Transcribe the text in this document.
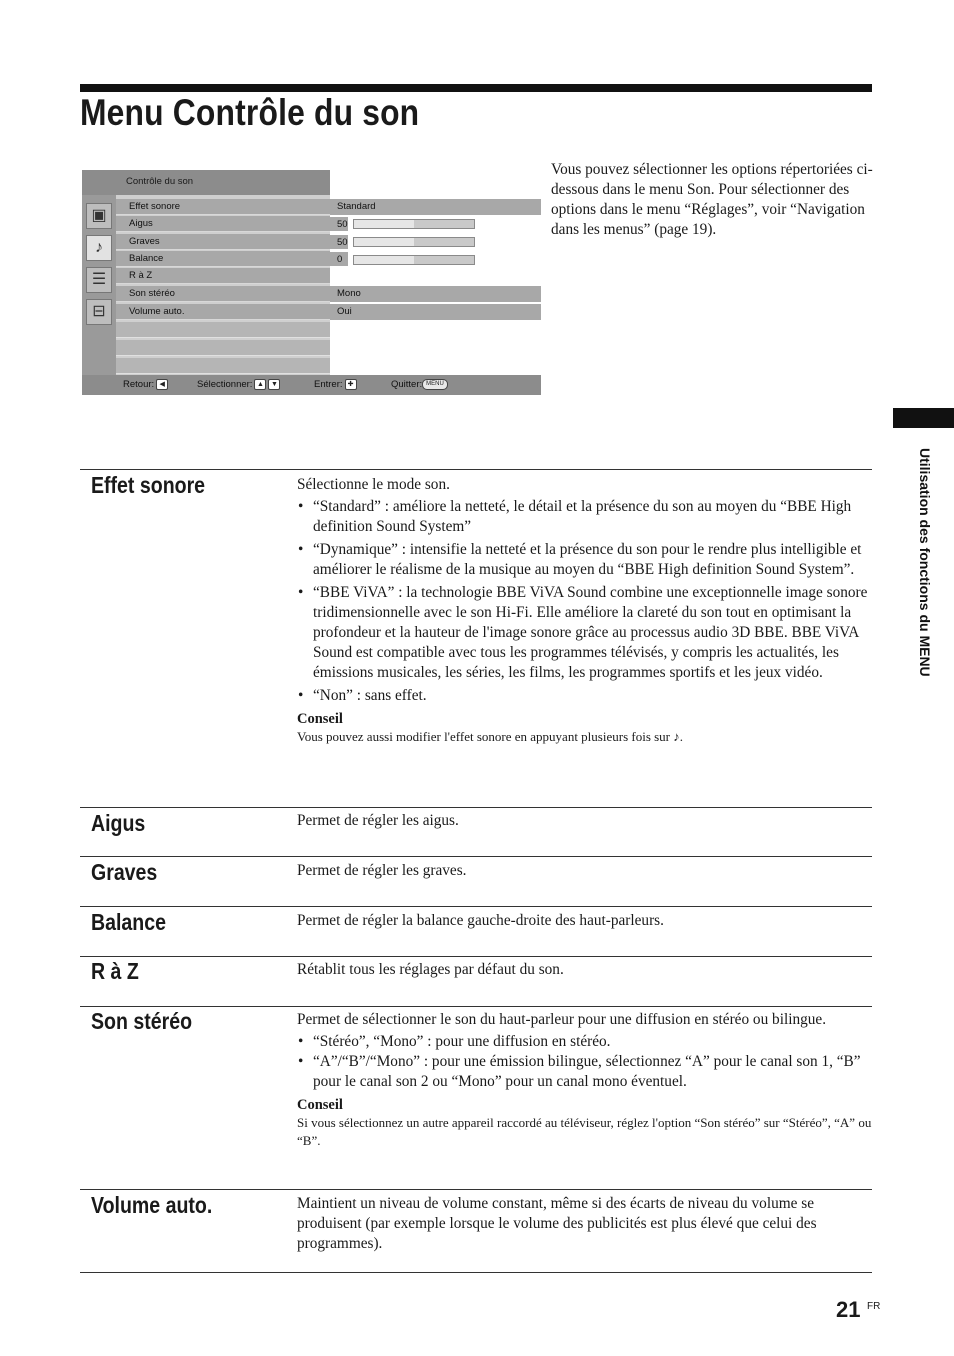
Menu Contrôle du son
Vous pouvez sélectionner les options répertoriées ci-dessous dans le menu Son. Pour sélectionner des options dans le menu “Réglages”, voir “Navigation dans les menus” (page 19).
Contrôle du son
▣
♪
☰
⊟
Effet sonore
Aigus
Graves
Balance
R à Z
Son stéréo
Volume auto.
Standard
50
50
0
Mono
Oui
Retour: ◀	Sélectionner: ▲ ▼	Entrer: ✚	Quitter: MENU
Utilisation des fonctions du MENU
Effet sonore	Sélectionne le mode son.

• “Standard” : améliore la netteté, le détail et la présence du son au moyen du “BBE High definition Sound System”
• “Dynamique” : intensifie la netteté et la présence du son pour le rendre plus intelligible et améliorer le réalisme de la musique au moyen du “BBE High definition Sound System”.
• “BBE ViVA” : la technologie BBE ViVA Sound combine une exceptionnelle image sonore tridimensionnelle avec le son Hi-Fi. Elle améliore la clareté du son tout en optimisant la profondeur et la hauteur de l'image sonore grâce au processus audio 3D BBE. BBE ViVA Sound est compatible avec tous les programmes télévisés, y compris les actualités, les émissions musicales, les séries, les films, les programmes sportifs et les jeux vidéo.
• “Non” : sans effet.
Conseil
Vous pouvez aussi modifier l'effet sonore en appuyant plusieurs fois sur ♪.
Aigus	Permet de régler les aigus.
Graves	Permet de régler les graves.
Balance	Permet de régler la balance gauche-droite des haut-parleurs.
R à Z	Rétablit tous les réglages par défaut du son.
Son stéréo	Permet de sélectionner le son du haut-parleur pour une diffusion en stéréo ou bilingue.

• “Stéréo”, “Mono” : pour une diffusion en stéréo.
• “A”/“B”/“Mono” : pour une émission bilingue, sélectionnez “A” pour le canal son 1, “B” pour le canal son 2 ou “Mono” pour un canal mono éventuel.
Conseil
Si vous sélectionnez un autre appareil raccordé au téléviseur, réglez l'option “Son stéréo” sur “Stéréo”, “A” ou “B”.
Volume auto.	Maintient un niveau de volume constant, même si des écarts de niveau du volume se produisent (par exemple lorsque le volume des publicités est plus élevé que celui des programmes).
21 FR
